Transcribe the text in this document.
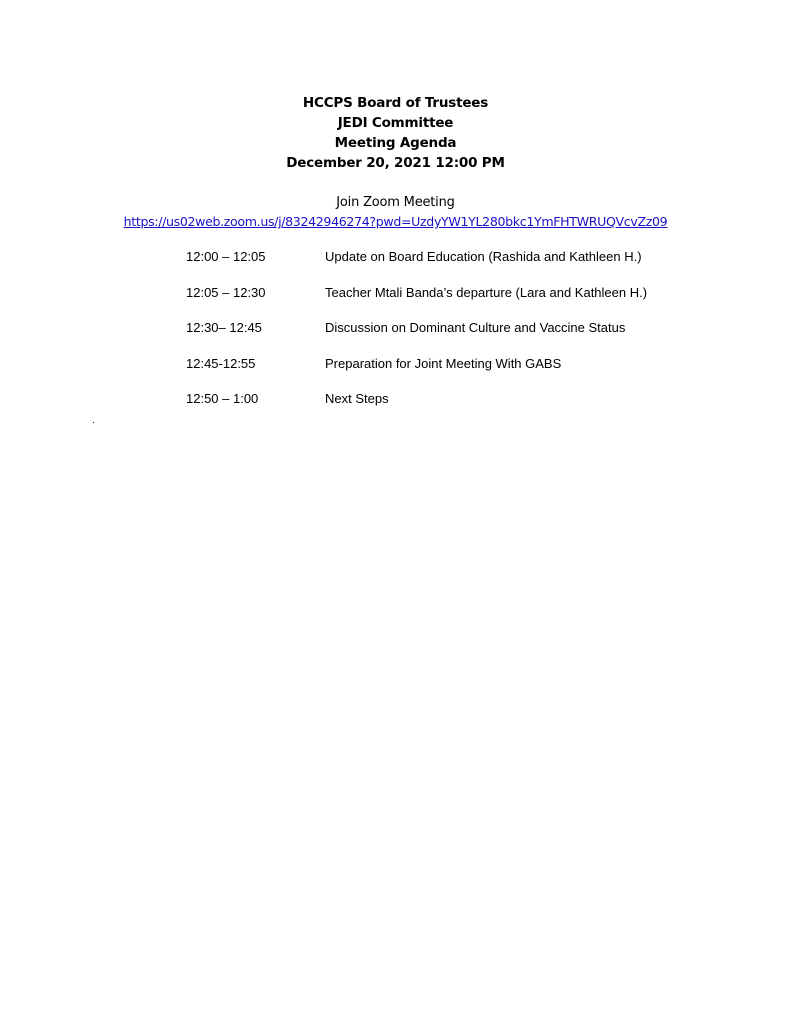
HCCPS Board of Trustees
JEDI Committee
Meeting Agenda
December 20, 2021 12:00 PM
Join Zoom Meeting
https://us02web.zoom.us/j/83242946274?pwd=UzdyYW1YL280bkc1YmFHTWRUQVcvZz09
12:00 – 12:05	Update on Board Education (Rashida and Kathleen H.)
12:05 – 12:30	Teacher Mtali Banda’s departure (Lara and Kathleen H.)
12:30– 12:45	Discussion on Dominant Culture and Vaccine Status
12:45-12:55	Preparation for Joint Meeting With GABS
12:50 – 1:00	Next Steps
.
